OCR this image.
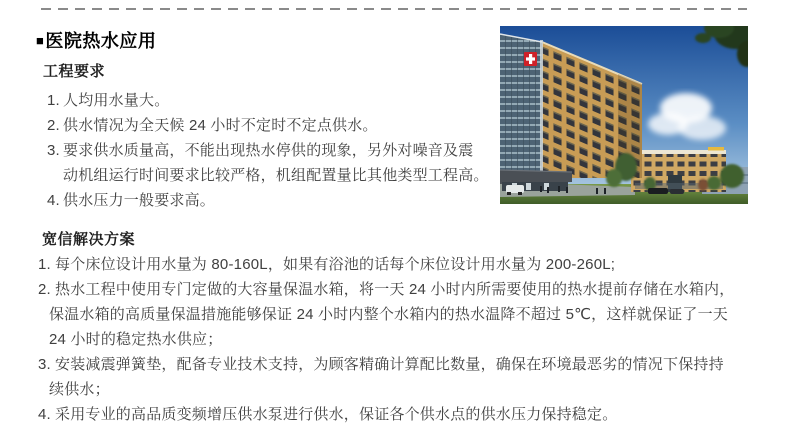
■医院热水应用
工程要求
1. 人均用水量大。
2. 供水情况为全天候 24 小时不定时不定点供水。
3. 要求供水质量高，不能出现热水停供的现象，另外对噪音及震
动机组运行时间要求比较严格，机组配置量比其他类型工程高。
4. 供水压力一般要求高。
宽信解决方案
1. 每个床位设计用水量为 80-160L，如果有浴池的话每个床位设计用水量为 200-260L;
2. 热水工程中使用专门定做的大容量保温水箱，将一天 24 小时内所需要使用的热水提前存储在水箱内，
保温水箱的高质量保温措施能够保证 24 小时内整个水箱内的热水温降不超过 5℃，这样就保证了一天
24 小时的稳定热水供应；
3. 安装减震弹簧垫，配备专业技术支持，为顾客精确计算配比数量，确保在环境最恶劣的情况下保持持
续供水；
4. 采用专业的高品质变频增压供水泵进行供水，保证各个供水点的供水压力保持稳定。
